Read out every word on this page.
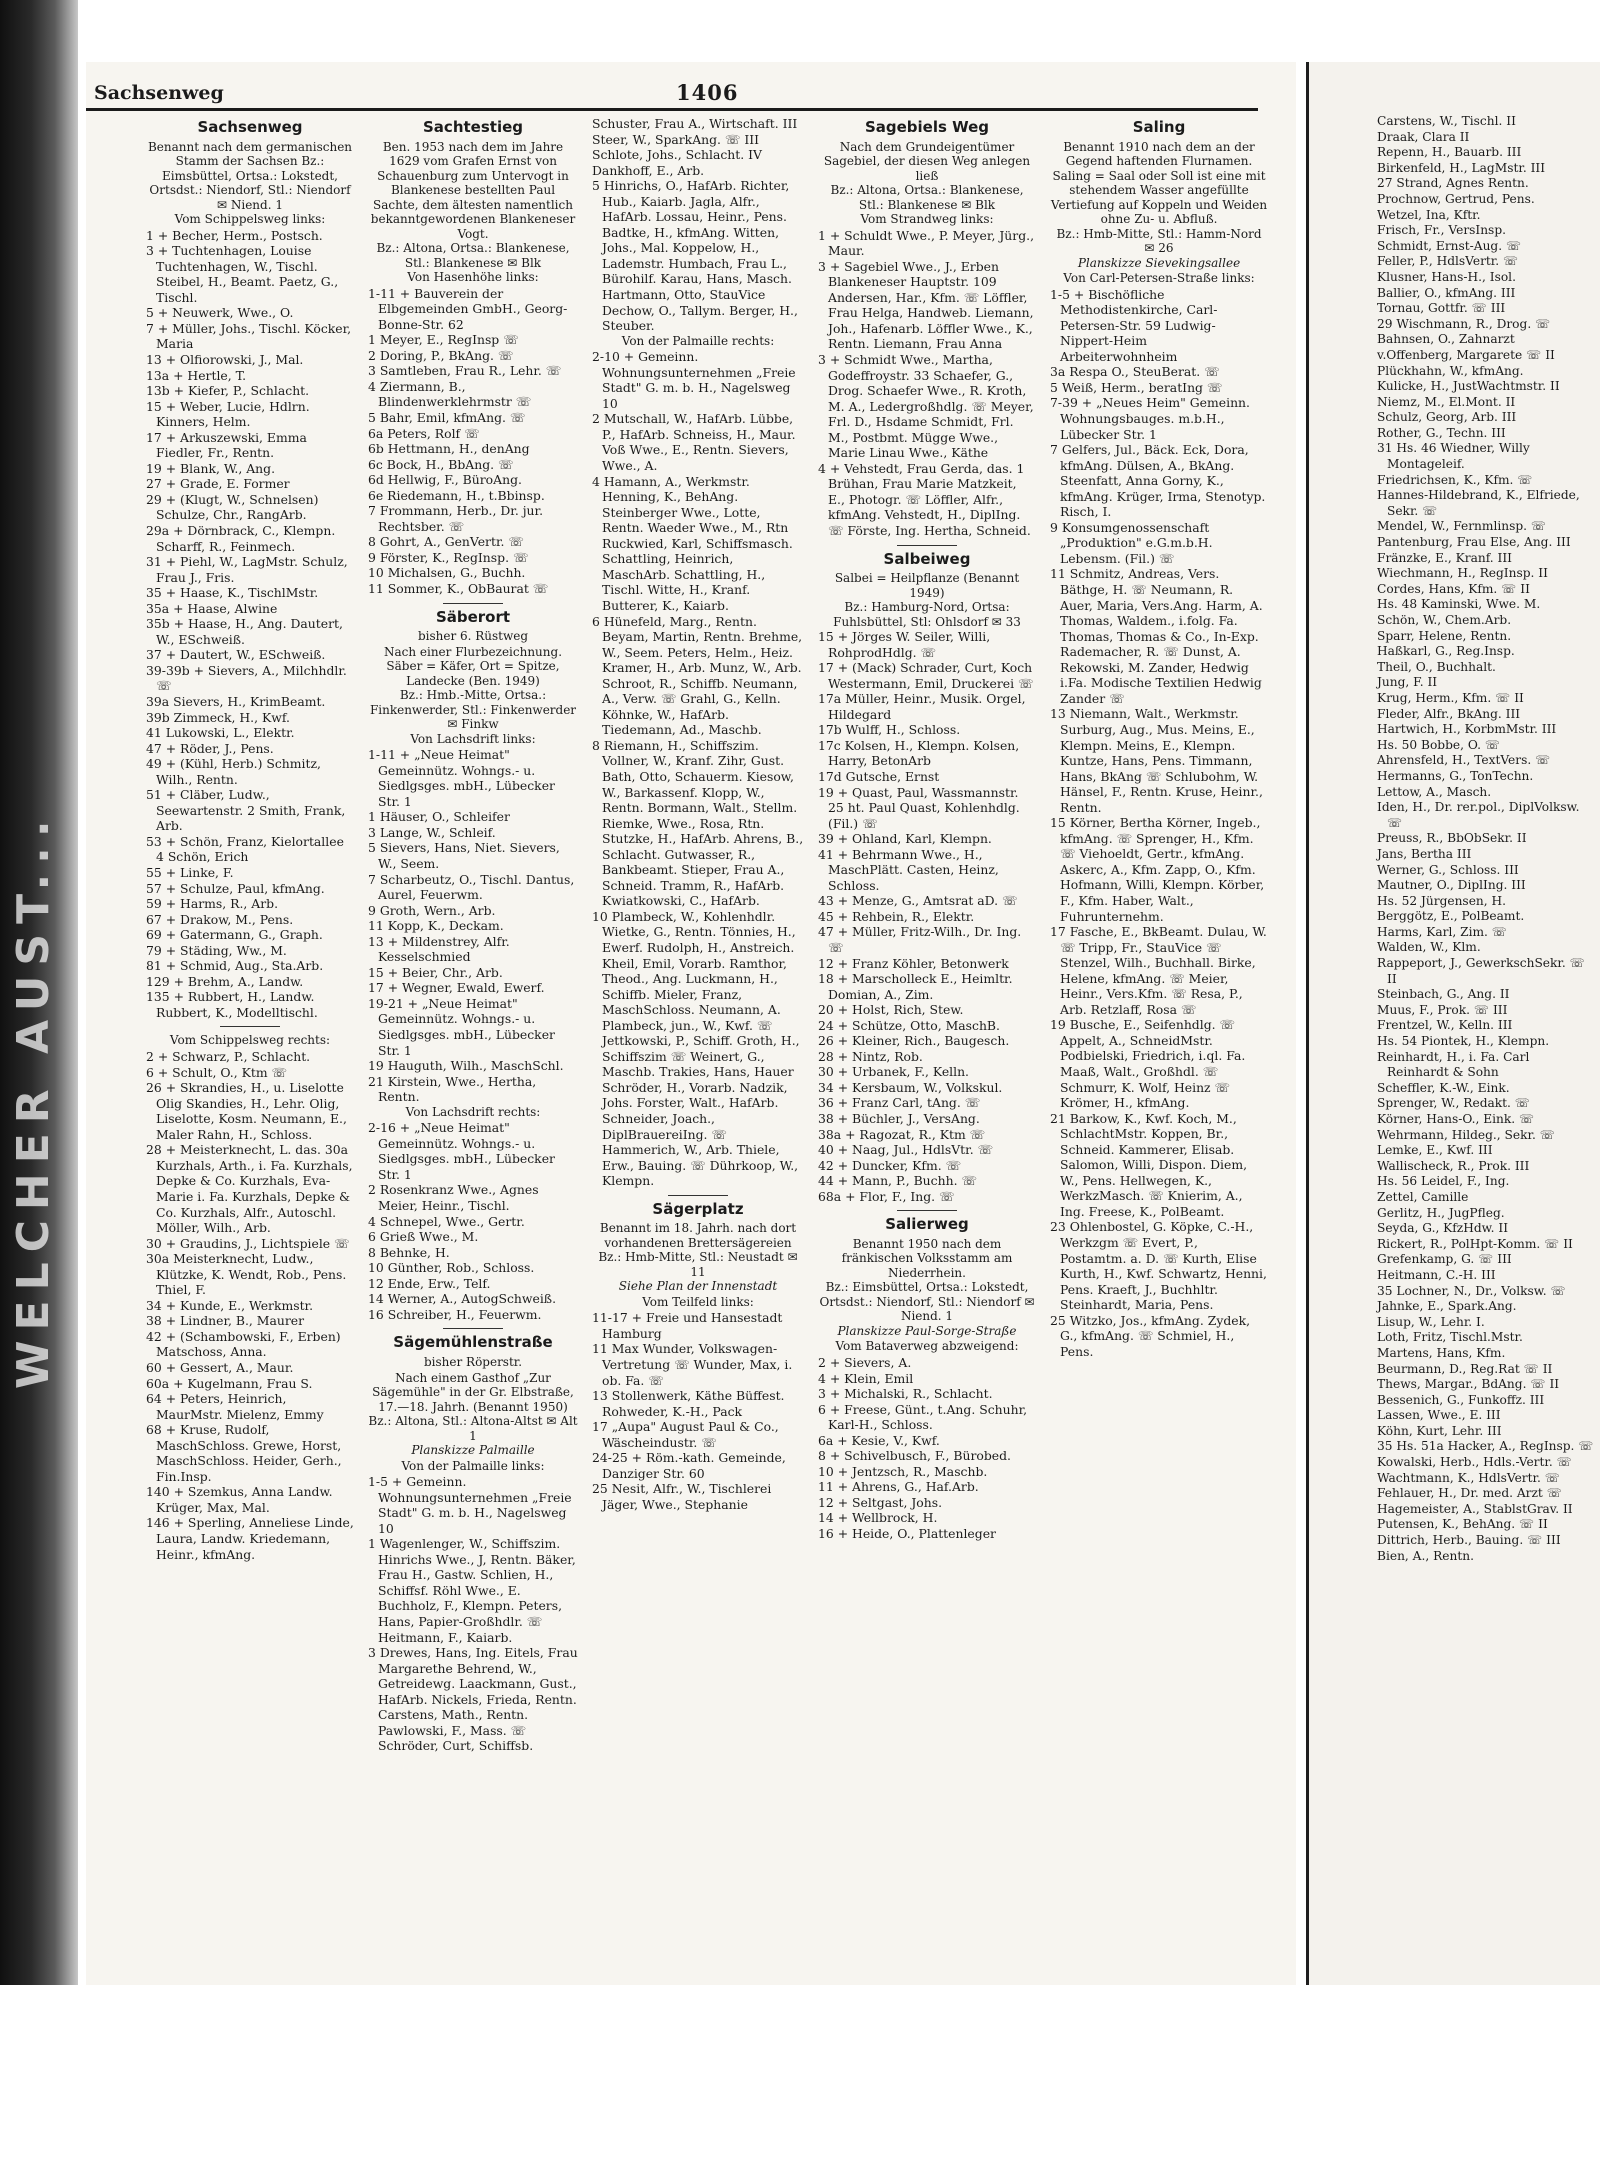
WELCHER AUST...
Carstens, W., Tischl. II
Draak, Clara II
Repenn, H., Bauarb. III
Birkenfeld, H., LagMstr. III
27 Strand, Agnes Rentn.
Prochnow, Gertrud, Pens.
Wetzel, Ina, Kftr.
Frisch, Fr., VersInsp.
Schmidt, Ernst-Aug. ☏
Feller, P., HdlsVertr. ☏
Klusner, Hans-H., Isol.
Ballier, O., kfmAng. III
Tornau, Gottfr. ☏ III
29 Wischmann, R., Drog. ☏
Bahnsen, O., Zahnarzt
v.Offenberg, Margarete ☏ II
Plückhahn, W., kfmAng.
Kulicke, H., JustWachtmstr. II
Niemz, M., El.Mont. II
Schulz, Georg, Arb. III
Rother, G., Techn. III
31 Hs. 46 Wiedner, Willy Montageleif.
Friedrichsen, K., Kfm. ☏
Hannes-Hildebrand, K., Elfriede, Sekr. ☏
Mendel, W., Fernmlinsp. ☏
Pantenburg, Frau Else, Ang. III
Fränzke, E., Kranf. III
Wiechmann, H., RegInsp. II
Cordes, Hans, Kfm. ☏ II
Hs. 48 Kaminski, Wwe. M.
Schön, W., Chem.Arb.
Sparr, Helene, Rentn.
Haßkarl, G., Reg.Insp.
Theil, O., Buchhalt.
Jung, F. II
Krug, Herm., Kfm. ☏ II
Fleder, Alfr., BkAng. III
Hartwich, H., KorbmMstr. III
Hs. 50 Bobbe, O. ☏
Ahrensfeld, H., TextVers. ☏
Hermanns, G., TonTechn.
Lettow, A., Masch.
Iden, H., Dr. rer.pol., DiplVolksw. ☏
Preuss, R., BbObSekr. II
Jans, Bertha III
Werner, G., Schloss. III
Mautner, O., DiplIng. III
Hs. 52 Jürgensen, H.
Berggötz, E., PolBeamt.
Harms, Karl, Zim. ☏
Walden, W., Klm.
Rappeport, J., GewerkschSekr. ☏ II
Steinbach, G., Ang. II
Muus, F., Prok. ☏ III
Frentzel, W., Kelln. III
Hs. 54 Piontek, H., Klempn.
Reinhardt, H., i. Fa. Carl Reinhardt & Sohn
Scheffler, K.-W., Eink.
Sprenger, W., Redakt. ☏
Körner, Hans-O., Eink. ☏
Wehrmann, Hildeg., Sekr. ☏
Lemke, E., Kwf. III
Wallischeck, R., Prok. III
Hs. 56 Leidel, F., Ing.
Zettel, Camille
Gerlitz, H., JugPfleg.
Seyda, G., KfzHdw. II
Rickert, R., PolHpt-Komm. ☏ II
Grefenkamp, G. ☏ III
Heitmann, C.-H. III
35 Lochner, N., Dr., Volksw. ☏
Jahnke, E., Spark.Ang.
Lisup, W., Lehr. I.
Loth, Fritz, Tischl.Mstr.
Martens, Hans, Kfm.
Beurmann, D., Reg.Rat ☏ II
Thews, Margar., BdAng. ☏ II
Bessenich, G., Funkoffz. III
Lassen, Wwe., E. III
Köhn, Kurt, Lehr. III
35 Hs. 51a Hacker, A., RegInsp. ☏
Kowalski, Herb., Hdls.-Vertr. ☏
Wachtmann, K., HdlsVertr. ☏
Fehlauer, H., Dr. med. Arzt ☏
Hagemeister, A., StablstGrav. II
Putensen, K., BehAng. ☏ II
Dittrich, Herb., Bauing. ☏ III
Bien, A., Rentn.
Sachsenweg	1406
Sachsenweg
Benannt nach dem germanischen Stamm der Sachsen Bz.: Eimsbüttel, Ortsa.: Lokstedt, Ortsdst.: Niendorf, Stl.: Niendorf ✉ Niend. 1
Vom Schippelsweg links:
1 + Becher, Herm., Postsch.
3 + Tuchtenhagen, Louise Tuchtenhagen, W., Tischl. Steibel, H., Beamt. Paetz, G., Tischl.
5 + Neuwerk, Wwe., O.
7 + Müller, Johs., Tischl. Köcker, Maria
13 + Olfiorowski, J., Mal.
13a + Hertle, T.
13b + Kiefer, P., Schlacht.
15 + Weber, Lucie, Hdlrn. Kinners, Helm.
17 + Arkuszewski, Emma Fiedler, Fr., Rentn.
19 + Blank, W., Ang.
27 + Grade, E. Former
29 + (Klugt, W., Schnelsen) Schulze, Chr., RangArb.
29a + Dörnbrack, C., Klempn. Scharff, R., Feinmech.
31 + Piehl, W., LagMstr. Schulz, Frau J., Fris.
35 + Haase, K., TischlMstr.
35a + Haase, Alwine
35b + Haase, H., Ang. Dautert, W., ESchweiß.
37 + Dautert, W., ESchweiß.
39-39b + Sievers, A., Milchhdlr. ☏
39a Sievers, H., KrimBeamt.
39b Zimmeck, H., Kwf.
41 Lukowski, L., Elektr.
47 + Röder, J., Pens.
49 + (Kühl, Herb.) Schmitz, Wilh., Rentn.
51 + Cläber, Ludw., Seewartenstr. 2 Smith, Frank, Arb.
53 + Schön, Franz, Kielortallee 4 Schön, Erich
55 + Linke, F.
57 + Schulze, Paul, kfmAng.
59 + Harms, R., Arb.
67 + Drakow, M., Pens.
69 + Gatermann, G., Graph.
79 + Städing, Ww., M.
81 + Schmid, Aug., Sta.Arb.
129 + Brehm, A., Landw.
135 + Rubbert, H., Landw. Rubbert, K., Modelltischl.
Vom Schippelsweg rechts:
2 + Schwarz, P., Schlacht.
6 + Schult, O., Ktm ☏
26 + Skrandies, H., u. Liselotte Olig Skandies, H., Lehr. Olig, Liselotte, Kosm. Neumann, E., Maler Rahn, H., Schloss.
28 + Meisterknecht, L. das. 30a Kurzhals, Arth., i. Fa. Kurzhals, Depke & Co. Kurzhals, Eva-Marie i. Fa. Kurzhals, Depke & Co. Kurzhals, Alfr., Autoschl. Möller, Wilh., Arb.
30 + Graudins, J., Lichtspiele ☏
30a Meisterknecht, Ludw., Klützke, K. Wendt, Rob., Pens. Thiel, F.
34 + Kunde, E., Werkmstr.
38 + Lindner, B., Maurer
42 + (Schambowski, F., Erben) Matschoss, Anna.
60 + Gessert, A., Maur.
60a + Kugelmann, Frau S.
64 + Peters, Heinrich, MaurMstr. Mielenz, Emmy
68 + Kruse, Rudolf, MaschSchloss. Grewe, Horst, MaschSchloss. Heider, Gerh., Fin.Insp.
140 + Szemkus, Anna Landw. Krüger, Max, Mal.
146 + Sperling, Anneliese Linde, Laura, Landw. Kriedemann, Heinr., kfmAng.
Sachtestieg
Ben. 1953 nach dem im Jahre 1629 vom Grafen Ernst von Schauenburg zum Untervogt in Blankenese bestellten Paul Sachte, dem ältesten namentlich bekanntgewordenen Blankeneser Vogt.
Bz.: Altona, Ortsa.: Blankenese, Stl.: Blankenese ✉ Blk
Von Hasenhöhe links:
1-11 + Bauverein der Elbgemeinden GmbH., Georg-Bonne-Str. 62
1 Meyer, E., RegInsp ☏
2 Doring, P., BkAng. ☏
3 Samtleben, Frau R., Lehr. ☏
4 Ziermann, B., Blindenwerklehrmstr ☏
5 Bahr, Emil, kfmAng. ☏
6a Peters, Rolf ☏
6b Hettmann, H., denAng
6c Bock, H., BbAng. ☏
6d Hellwig, F., BüroAng.
6e Riedemann, H., t.Bbinsp.
7 Frommann, Herb., Dr. jur. Rechtsber. ☏
8 Gohrt, A., GenVertr. ☏
9 Förster, K., RegInsp. ☏
10 Michalsen, G., Buchh.
11 Sommer, K., ObBaurat ☏
Säberort
bisher 6. Rüstweg
Nach einer Flurbezeichnung. Säber = Käfer, Ort = Spitze, Landecke (Ben. 1949)
Bz.: Hmb.-Mitte, Ortsa.: Finkenwerder, Stl.: Finkenwerder ✉ Finkw
Von Lachsdrift links:
1-11 + „Neue Heimat" Gemeinnütz. Wohngs.- u. Siedlgsges. mbH., Lübecker Str. 1
1 Häuser, O., Schleifer
3 Lange, W., Schleif.
5 Sievers, Hans, Niet. Sievers, W., Seem.
7 Scharbeutz, O., Tischl. Dantus, Aurel, Feuerwm.
9 Groth, Wern., Arb.
11 Kopp, K., Deckam.
13 + Mildenstrey, Alfr. Kesselschmied
15 + Beier, Chr., Arb.
17 + Wegner, Ewald, Ewerf.
19-21 + „Neue Heimat" Gemeinnütz. Wohngs.- u. Siedlgsges. mbH., Lübecker Str. 1
19 Hauguth, Wilh., MaschSchl.
21 Kirstein, Wwe., Hertha, Rentn.
Von Lachsdrift rechts:
2-16 + „Neue Heimat" Gemeinnütz. Wohngs.- u. Siedlgsges. mbH., Lübecker Str. 1
2 Rosenkranz Wwe., Agnes Meier, Heinr., Tischl.
4 Schnepel, Wwe., Gertr.
6 Grieß Wwe., M.
8 Behnke, H.
10 Günther, Rob., Schloss.
12 Ende, Erw., Telf.
14 Werner, A., AutogSchweiß.
16 Schreiber, H., Feuerwm.
Sägemühlenstraße
bisher Röperstr.
Nach einem Gasthof „Zur Sägemühle" in der Gr. Elbstraße, 17.—18. Jahrh. (Benannt 1950)
Bz.: Altona, Stl.: Altona-Altst ✉ Alt 1
Planskizze Palmaille
Von der Palmaille links:
1-5 + Gemeinn. Wohnungsunternehmen „Freie Stadt" G. m. b. H., Nagelsweg 10
1 Wagenlenger, W., Schiffszim. Hinrichs Wwe., J, Rentn. Bäker, Frau H., Gastw. Schlien, H., Schiffsf. Röhl Wwe., E. Buchholz, F., Klempn. Peters, Hans, Papier-Großhdlr. ☏ Heitmann, F., Kaiarb.
3 Drewes, Hans, Ing. Eitels, Frau Margarethe Behrend, W., Getreidewg. Laackmann, Gust., HafArb. Nickels, Frieda, Rentn. Carstens, Math., Rentn. Pawlowski, F., Mass. ☏ Schröder, Curt, Schiffsb.
Schuster, Frau A., Wirtschaft. III
Steer, W., SparkAng. ☏ III
Schlote, Johs., Schlacht. IV
Dankhoff, E., Arb.
5 Hinrichs, O., HafArb. Richter, Hub., Kaiarb. Jagla, Alfr., HafArb. Lossau, Heinr., Pens. Badtke, H., kfmAng. Witten, Johs., Mal. Koppelow, H., Lademstr. Humbach, Frau L., Bürohilf. Karau, Hans, Masch. Hartmann, Otto, StauVice Dechow, O., Tallym. Berger, H., Steuber.
Von der Palmaille rechts:
2-10 + Gemeinn. Wohnungsunternehmen „Freie Stadt" G. m. b. H., Nagelsweg 10
2 Mutschall, W., HafArb. Lübbe, P., HafArb. Schneiss, H., Maur. Voß Wwe., E., Rentn. Sievers, Wwe., A.
4 Hamann, A., Werkmstr. Henning, K., BehAng. Steinberger Wwe., Lotte, Rentn. Waeder Wwe., M., Rtn Ruckwied, Karl, Schiffsmasch. Schattling, Heinrich, MaschArb. Schattling, H., Tischl. Witte, H., Kranf. Butterer, K., Kaiarb.
6 Hünefeld, Marg., Rentn. Beyam, Martin, Rentn. Brehme, W., Seem. Peters, Helm., Heiz. Kramer, H., Arb. Munz, W., Arb. Schroot, R., Schiffb. Neumann, A., Verw. ☏ Grahl, G., Kelln. Köhnke, W., HafArb. Tiedemann, Ad., Maschb.
8 Riemann, H., Schiffszim. Vollner, W., Kranf. Zihr, Gust. Bath, Otto, Schauerm. Kiesow, W., Barkassenf. Klopp, W., Rentn. Bormann, Walt., Stellm. Riemke, Wwe., Rosa, Rtn. Stutzke, H., HafArb. Ahrens, B., Schlacht. Gutwasser, R., Bankbeamt. Stieper, Frau A., Schneid. Tramm, R., HafArb. Kwiatkowski, C., HafArb.
10 Plambeck, W., Kohlenhdlr. Wietke, G., Rentn. Tönnies, H., Ewerf. Rudolph, H., Anstreich. Kheil, Emil, Vorarb. Ramthor, Theod., Ang. Luckmann, H., Schiffb. Mieler, Franz, MaschSchloss. Neumann, A. Plambeck, jun., W., Kwf. ☏ Jettkowski, P., Schiff. Groth, H., Schiffszim ☏ Weinert, G., Maschb. Trakies, Hans, Hauer Schröder, H., Vorarb. Nadzik, Johs. Forster, Walt., HafArb. Schneider, Joach., DiplBrauereiIng. ☏ Hammerich, W., Arb. Thiele, Erw., Bauing. ☏ Dührkoop, W., Klempn.
Sägerplatz
Benannt im 18. Jahrh. nach dort vorhandenen Brettersägereien
Bz.: Hmb-Mitte, Stl.: Neustadt ✉ 11
Siehe Plan der Innenstadt
Vom Teilfeld links:
11-17 + Freie und Hansestadt Hamburg
11 Max Wunder, Volkswagen-Vertretung ☏ Wunder, Max, i. ob. Fa. ☏
13 Stollenwerk, Käthe Büffest. Rohweder, K.-H., Pack
17 „Aupa" August Paul & Co., Wäscheindustr. ☏
24-25 + Röm.-kath. Gemeinde, Danziger Str. 60
25 Nesit, Alfr., W., Tischlerei Jäger, Wwe., Stephanie
Sagebiels Weg
Nach dem Grundeigentümer Sagebiel, der diesen Weg anlegen ließ
Bz.: Altona, Ortsa.: Blankenese, Stl.: Blankenese ✉ Blk
Vom Strandweg links:
1 + Schuldt Wwe., P. Meyer, Jürg., Maur.
3 + Sagebiel Wwe., J., Erben Blankeneser Hauptstr. 109 Andersen, Har., Kfm. ☏ Löffler, Frau Helga, Handweb. Liemann, Joh., Hafenarb. Löffler Wwe., K., Rentn. Liemann, Frau Anna
3 + Schmidt Wwe., Martha, Godeffroystr. 33 Schaefer, G., Drog. Schaefer Wwe., R. Kroth, M. A., Ledergroßhdlg. ☏ Meyer, Frl. D., Hsdame Schmidt, Frl. M., Postbmt. Mügge Wwe., Marie Linau Wwe., Käthe
4 + Vehstedt, Frau Gerda, das. 1 Brühan, Frau Marie Matzkeit, E., Photogr. ☏ Löffler, Alfr., kfmAng. Vehstedt, H., DiplIng. ☏ Förste, Ing. Hertha, Schneid.
Salbeiweg
Salbei = Heilpflanze (Benannt 1949)
Bz.: Hamburg-Nord, Ortsa: Fuhlsbüttel, Stl: Ohlsdorf ✉ 33
15 + Jörges W. Seiler, Willi, RohprodHdlg. ☏
17 + (Mack) Schrader, Curt, Koch Westermann, Emil, Druckerei ☏
17a Müller, Heinr., Musik. Orgel, Hildegard
17b Wulff, H., Schloss.
17c Kolsen, H., Klempn. Kolsen, Harry, BetonArb
17d Gutsche, Ernst
19 + Quast, Paul, Wassmannstr. 25 ht. Paul Quast, Kohlenhdlg. (Fil.) ☏
39 + Ohland, Karl, Klempn.
41 + Behrmann Wwe., H., MaschPlätt. Casten, Heinz, Schloss.
43 + Menze, G., Amtsrat aD. ☏
45 + Rehbein, R., Elektr.
47 + Müller, Fritz-Wilh., Dr. Ing. ☏
12 + Franz Köhler, Betonwerk
18 + Marscholleck E., Heimltr. Domian, A., Zim.
20 + Holst, Rich, Stew.
24 + Schütze, Otto, MaschB.
26 + Kleiner, Rich., Baugesch.
28 + Nintz, Rob.
30 + Urbanek, F., Kelln.
34 + Kersbaum, W., Volkskul.
36 + Franz Carl, tAng. ☏
38 + Büchler, J., VersAng.
38a + Ragozat, R., Ktm ☏
40 + Naag, Jul., HdlsVtr. ☏
42 + Duncker, Kfm. ☏
44 + Mann, P., Buchh. ☏
68a + Flor, F., Ing. ☏
Salierweg
Benannt 1950 nach dem fränkischen Volksstamm am Niederrhein.
Bz.: Eimsbüttel, Ortsa.: Lokstedt, Ortsdst.: Niendorf, Stl.: Niendorf ✉ Niend. 1
Planskizze Paul-Sorge-Straße
Vom Bataverweg abzweigend:
2 + Sievers, A.
4 + Klein, Emil
3 + Michalski, R., Schlacht.
6 + Freese, Günt., t.Ang. Schuhr, Karl-H., Schloss.
6a + Kesie, V., Kwf.
8 + Schivelbusch, F., Bürobed.
10 + Jentzsch, R., Maschb.
11 + Ahrens, G., Haf.Arb.
12 + Seltgast, Johs.
14 + Wellbrock, H.
16 + Heide, O., Plattenleger
Saling
Benannt 1910 nach dem an der Gegend haftenden Flurnamen. Saling = Saal oder Soll ist eine mit stehendem Wasser angefüllte Vertiefung auf Koppeln und Weiden ohne Zu- u. Abfluß.
Bz.: Hmb-Mitte, Stl.: Hamm-Nord ✉ 26
Planskizze Sievekingsallee
Von Carl-Petersen-Straße links:
1-5 + Bischöfliche Methodistenkirche, Carl-Petersen-Str. 59 Ludwig-Nippert-Heim Arbeiterwohnheim
3a Respa O., SteuBerat. ☏
5 Weiß, Herm., beratIng ☏
7-39 + „Neues Heim" Gemeinn. Wohnungsbauges. m.b.H., Lübecker Str. 1
7 Gelfers, Jul., Bäck. Eck, Dora, kfmAng. Dülsen, A., BkAng. Steenfatt, Anna Gorny, K., kfmAng. Krüger, Irma, Stenotyp. Risch, I.
9 Konsumgenossenschaft „Produktion" e.G.m.b.H. Lebensm. (Fil.) ☏
11 Schmitz, Andreas, Vers. Bäthge, H. ☏ Neumann, R. Auer, Maria, Vers.Ang. Harm, A. Thomas, Waldem., i.folg. Fa. Thomas, Thomas & Co., In-Exp. Rademacher, R. ☏ Dunst, A. Rekowski, M. Zander, Hedwig i.Fa. Modische Textilien Hedwig Zander ☏
13 Niemann, Walt., Werkmstr. Surburg, Aug., Mus. Meins, E., Klempn. Meins, E., Klempn. Kuntze, Hans, Pens. Timmann, Hans, BkAng ☏ Schlubohm, W. Hänsel, F., Rentn. Kruse, Heinr., Rentn.
15 Körner, Bertha Körner, Ingeb., kfmAng. ☏ Sprenger, H., Kfm. ☏ Viehoeldt, Gertr., kfmAng. Askerc, A., Kfm. Zapp, O., Kfm. Hofmann, Willi, Klempn. Körber, F., Kfm. Haber, Walt., Fuhrunternehm.
17 Fasche, E., BkBeamt. Dulau, W. ☏ Tripp, Fr., StauVice ☏ Stenzel, Wilh., Buchhall. Birke, Helene, kfmAng. ☏ Meier, Heinr., Vers.Kfm. ☏ Resa, P., Arb. Retzlaff, Rosa ☏
19 Busche, E., Seifenhdlg. ☏ Appelt, A., SchneidMstr. Podbielski, Friedrich, i.ql. Fa. Maaß, Walt., Großhdl. ☏ Schmurr, K. Wolf, Heinz ☏ Krömer, H., kfmAng.
21 Barkow, K., Kwf. Koch, M., SchlachtMstr. Koppen, Br., Schneid. Kammerer, Elisab. Salomon, Willi, Dispon. Diem, W., Pens. Hellwegen, K., WerkzMasch. ☏ Knierim, A., Ing. Freese, K., PolBeamt.
23 Ohlenbostel, G. Köpke, C.-H., Werkzgm ☏ Evert, P., Postamtm. a. D. ☏ Kurth, Elise Kurth, H., Kwf. Schwartz, Henni, Pens. Kraeft, J., Buchhltr. Steinhardt, Maria, Pens.
25 Witzko, Jos., kfmAng. Zydek, G., kfmAng. ☏ Schmiel, H., Pens.
